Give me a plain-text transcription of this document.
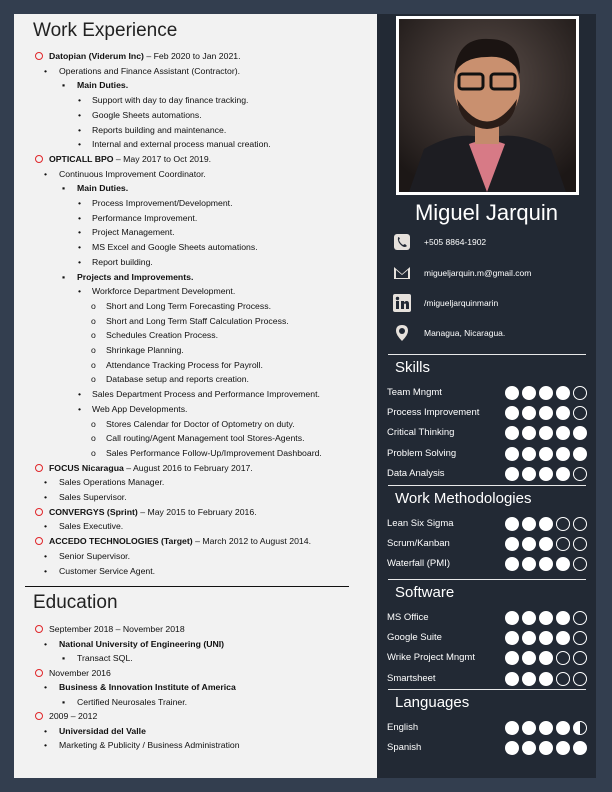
Work Experience
Datopian (Viderum Inc) – Feb 2020 to Jan 2021.
• Operations and Finance Assistant (Contractor).
▪ Main Duties.
• Support with day to day finance tracking.
• Google Sheets automations.
• Reports building and maintenance.
• Internal and external process manual creation.
OPTICALL BPO – May 2017 to Oct 2019.
• Continuous Improvement Coordinator.
▪ Main Duties.
• Process Improvement/Development.
• Performance Improvement.
• Project Management.
• MS Excel and Google Sheets automations.
• Report building.
▪ Projects and Improvements.
• Workforce Department Development.
o Short and Long Term Forecasting Process.
o Short and Long Term Staff Calculation Process.
o Schedules Creation Process.
o Shrinkage Planning.
o Attendance Tracking Process for Payroll.
o Database setup and reports creation.
• Sales Department Process and Performance Improvement.
• Web App Developments.
o Stores Calendar for Doctor of Optometry on duty.
o Call routing/Agent Management tool Stores-Agents.
o Sales Performance Follow-Up/Improvement Dashboard.
FOCUS Nicaragua – August 2016 to February 2017.
• Sales Operations Manager.
• Sales Supervisor.
CONVERGYS (Sprint) – May 2015 to February 2016.
• Sales Executive.
ACCEDO TECHNOLOGIES (Target) – March 2012 to August 2014.
• Senior Supervisor.
• Customer Service Agent.
Education
September 2018 – November 2018
• National University of Engineering (UNI)
▪ Transact SQL.
November 2016
• Business & Innovation Institute of America
▪ Certified Neurosales Trainer.
2009 – 2012
• Universidad del Valle
• Marketing & Publicity / Business Administration
Miguel Jarquin
+505 8864-1902
migueljarquin.m@gmail.com
/migueljarquinmarin
Managua, Nicaragua.
Skills
Team Mngmt
Process Improvement
Critical Thinking
Problem Solving
Data Analysis
Work Methodologies
Lean Six Sigma
Scrum/Kanban
Waterfall (PMI)
Software
MS Office
Google Suite
Wrike Project Mngmt
Smartsheet
Languages
English
Spanish
